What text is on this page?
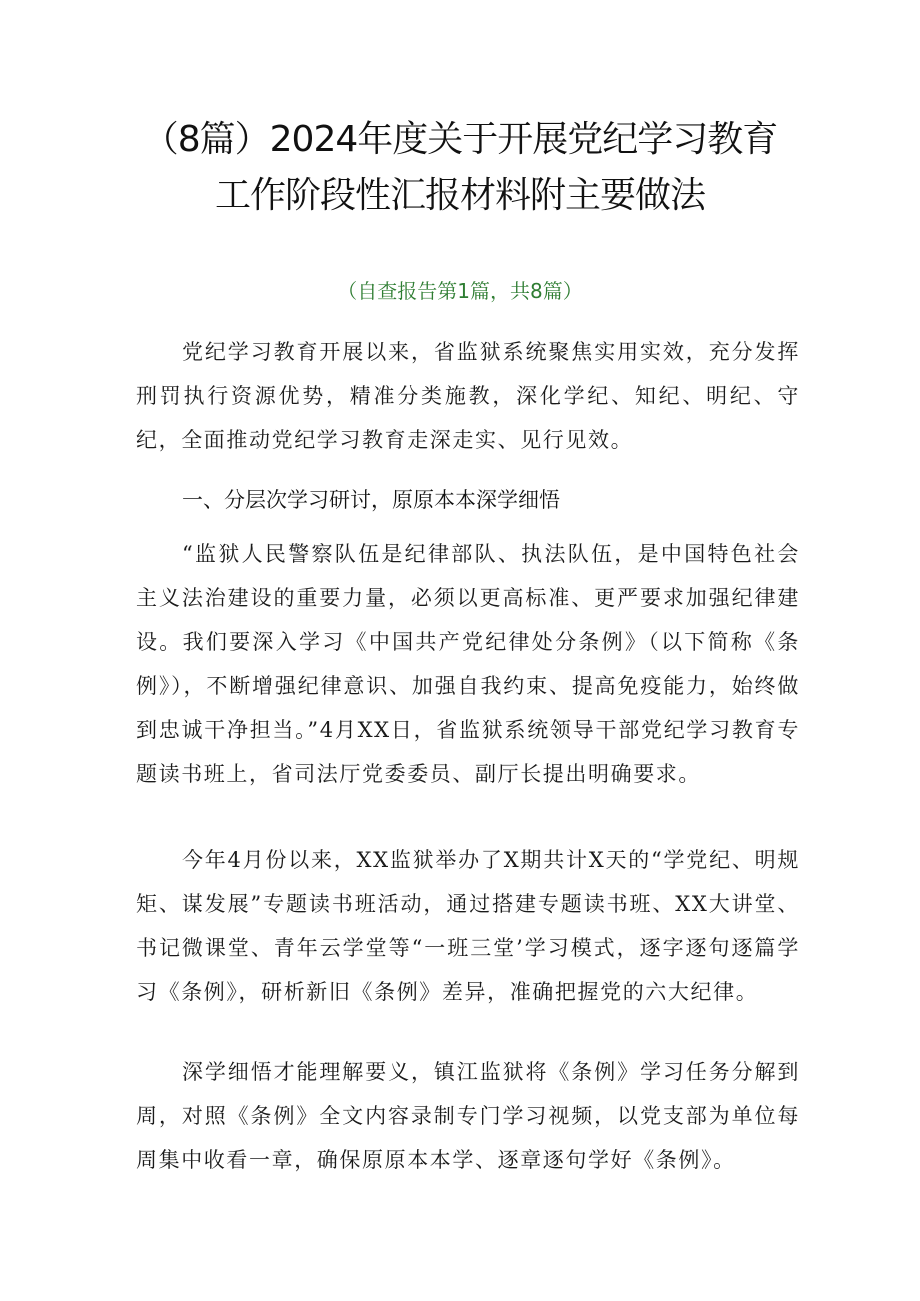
（8篇）2024年度关于开展党纪学习教育
工作阶段性汇报材料附主要做法
（自查报告第1篇，共8篇）

党纪学习教育开展以来，省监狱系统聚焦实用实效，充分发挥刑罚执行资源优势，精准分类施教，深化学纪、知纪、明纪、守纪，全面推动党纪学习教育走深走实、见行见效。

一、分层次学习研讨，原原本本深学细悟

“监狱人民警察队伍是纪律部队、执法队伍，是中国特色社会主义法治建设的重要力量，必须以更高标准、更严要求加强纪律建设。我们要深入学习《中国共产党纪律处分条例》（以下简称《条例》），不断增强纪律意识、加强自我约束、提高免疫能力，始终做到忠诚干净担当。”4月XX日，省监狱系统领导干部党纪学习教育专题读书班上，省司法厅党委委员、副厅长提出明确要求。

今年4月份以来，XX监狱举办了X期共计X天的“学党纪、明规矩、谋发展”专题读书班活动，通过搭建专题读书班、XX大讲堂、书记微课堂、青年云学堂等“一班三堂’学习模式，逐字逐句逐篇学习《条例》，研析新旧《条例》差异，准确把握党的六大纪律。

深学细悟才能理解要义，镇江监狱将《条例》学习任务分解到周，对照《条例》全文内容录制专门学习视频，以党支部为单位每周集中收看一章，确保原原本本学、逐章逐句学好《条例》。
